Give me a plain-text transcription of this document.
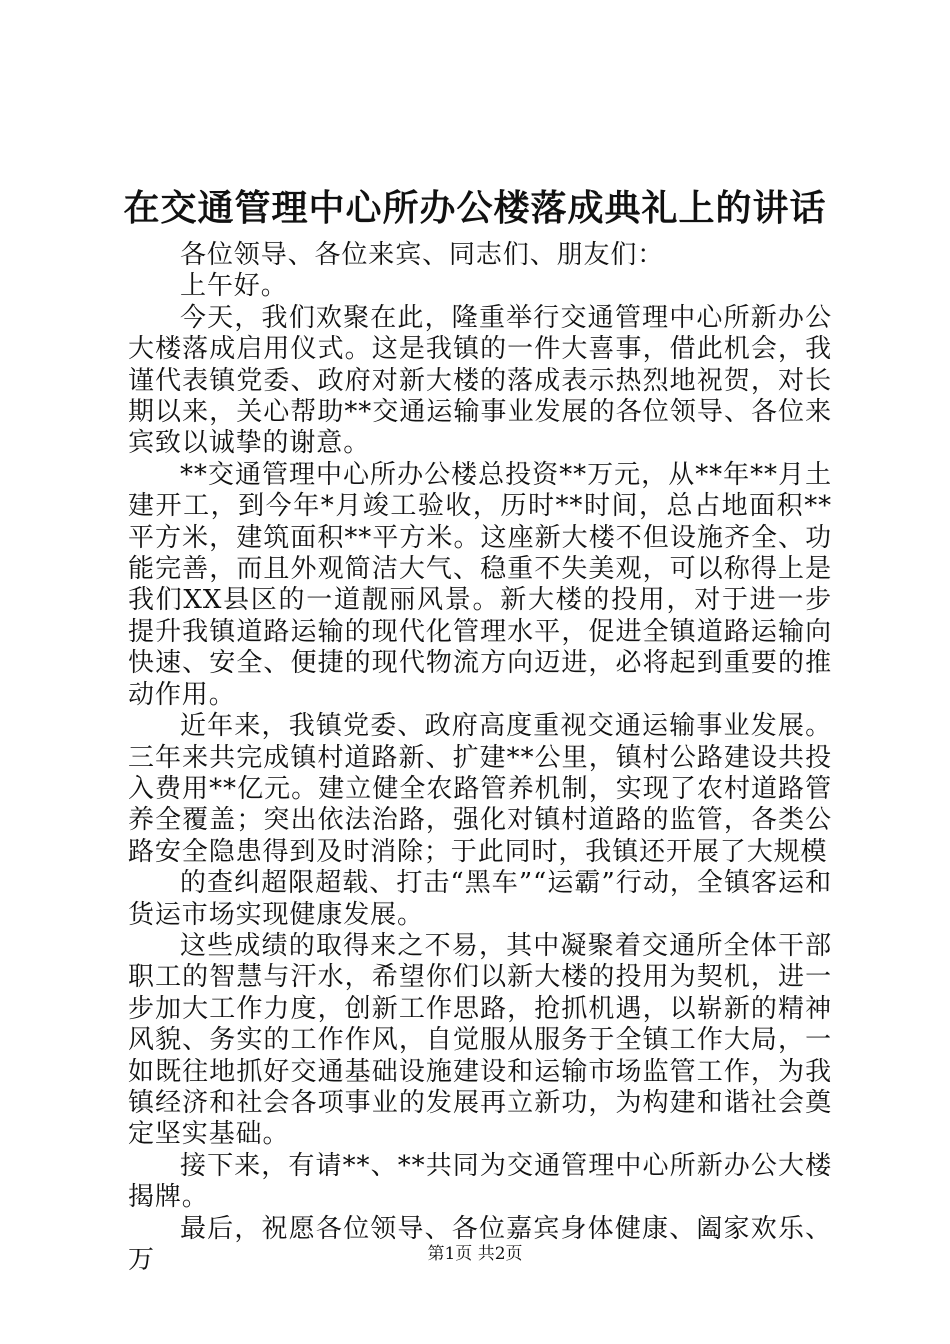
在交通管理中心所办公楼落成典礼上的讲话

各位领导、各位来宾、同志们、朋友们：

上午好。

今天，我们欢聚在此，隆重举行交通管理中心所新办公大楼落成启用仪式。这是我镇的一件大喜事，借此机会，我谨代表镇党委、政府对新大楼的落成表示热烈地祝贺，对长期以来，关心帮助**交通运输事业发展的各位领导、各位来宾致以诚挚的谢意。

**交通管理中心所办公楼总投资**万元，从**年**月土建开工，到今年*月竣工验收，历时**时间，总占地面积**平方米，建筑面积**平方米。这座新大楼不但设施齐全、功能完善，而且外观简洁大气、稳重不失美观，可以称得上是我们XX县区的一道靓丽风景。新大楼的投用，对于进一步提升我镇道路运输的现代化管理水平，促进全镇道路运输向快速、安全、便捷的现代物流方向迈进，必将起到重要的推动作用。

近年来，我镇党委、政府高度重视交通运输事业发展。三年来共完成镇村道路新、扩建**公里，镇村公路建设共投入费用**亿元。建立健全农路管养机制，实现了农村道路管养全覆盖；突出依法治路，强化对镇村道路的监管，各类公路安全隐患得到及时消除；于此同时，我镇还开展了大规模

的查纠超限超载、打击“黑车”“运霸”行动，全镇客运和货运市场实现健康发展。

这些成绩的取得来之不易，其中凝聚着交通所全体干部职工的智慧与汗水，希望你们以新大楼的投用为契机，进一步加大工作力度，创新工作思路，抢抓机遇，以崭新的精神风貌、务实的工作作风，自觉服从服务于全镇工作大局，一如既往地抓好交通基础设施建设和运输市场监管工作，为我镇经济和社会各项事业的发展再立新功，为构建和谐社会奠定坚实基础。

接下来，有请**、**共同为交通管理中心所新办公大楼揭牌。

最后，祝愿各位领导、各位嘉宾身体健康、阖家欢乐、万	第1页 共2页
